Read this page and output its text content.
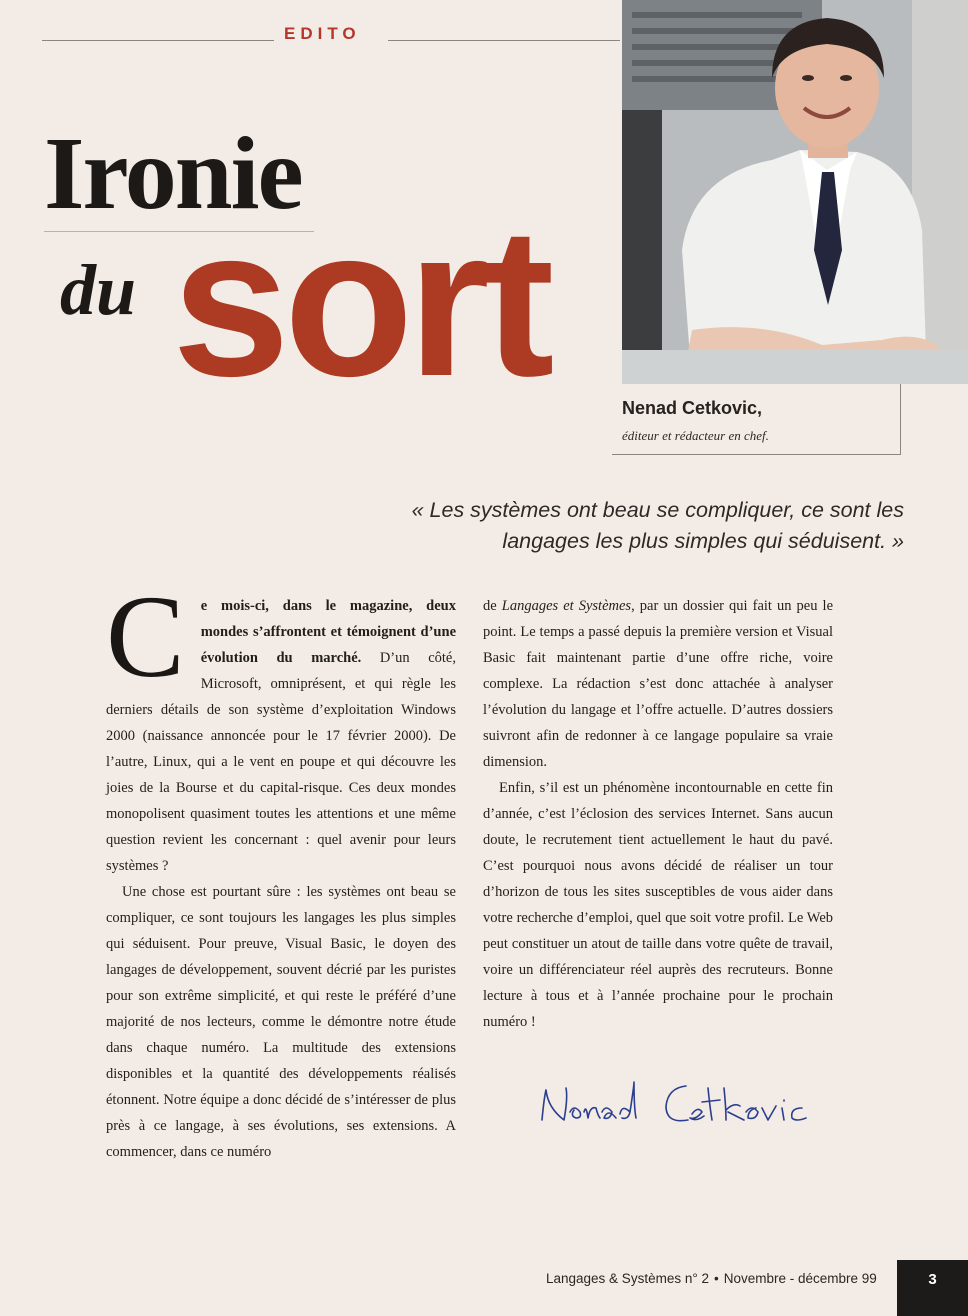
EDITO
Ironie
du sort	Nenad Cetkovic,
éditeur et rédacteur en chef.
« Les systèmes ont beau se compliquer, ce sont les langages les plus simples qui séduisent. »

C e mois-ci, dans le magazine, deux mondes s’affrontent et témoignent d’une évolution du marché. D’un côté, Microsoft, omniprésent, et qui règle les derniers détails de son système d’exploitation Windows 2000 (naissance annoncée pour le 17 février 2000). De l’autre, Linux, qui a le vent en poupe et qui découvre les joies de la Bourse et du capital-risque. Ces deux mondes monopolisent quasiment toutes les attentions et une même question revient les concernant : quel avenir pour leurs systèmes ?

Une chose est pourtant sûre : les systèmes ont beau se compliquer, ce sont toujours les langages les plus simples qui séduisent. Pour preuve, Visual Basic, le doyen des langages de développement, souvent décrié par les puristes pour son extrême simplicité, et qui reste le préféré d’une majorité de nos lecteurs, comme le démontre notre étude dans chaque numéro. La multitude des extensions disponibles et la quantité des développements réalisés étonnent. Notre équipe a donc décidé de s’intéresser de plus près à ce langage, à ses évolutions, ses extensions. A commencer, dans ce numéro

de Langages et Systèmes, par un dossier qui fait un peu le point. Le temps a passé depuis la première version et Visual Basic fait maintenant partie d’une offre riche, voire complexe. La rédaction s’est donc attachée à analyser l’évolution du langage et l’offre actuelle. D’autres dossiers suivront afin de redonner à ce langage populaire sa vraie dimension.

Enfin, s’il est un phénomène incontournable en cette fin d’année, c’est l’éclosion des services Internet. Sans aucun doute, le recrutement tient actuellement le haut du pavé. C’est pourquoi nous avons décidé de réaliser un tour d’horizon de tous les sites susceptibles de vous aider dans votre recherche d’emploi, quel que soit votre profil. Le Web peut constituer un atout de taille dans votre quête de travail, voire un différenciateur réel auprès des recruteurs. Bonne lecture à tous et à l’année prochaine pour le prochain numéro !

Langages & Systèmes n° 2 • Novembre - décembre 99	3
